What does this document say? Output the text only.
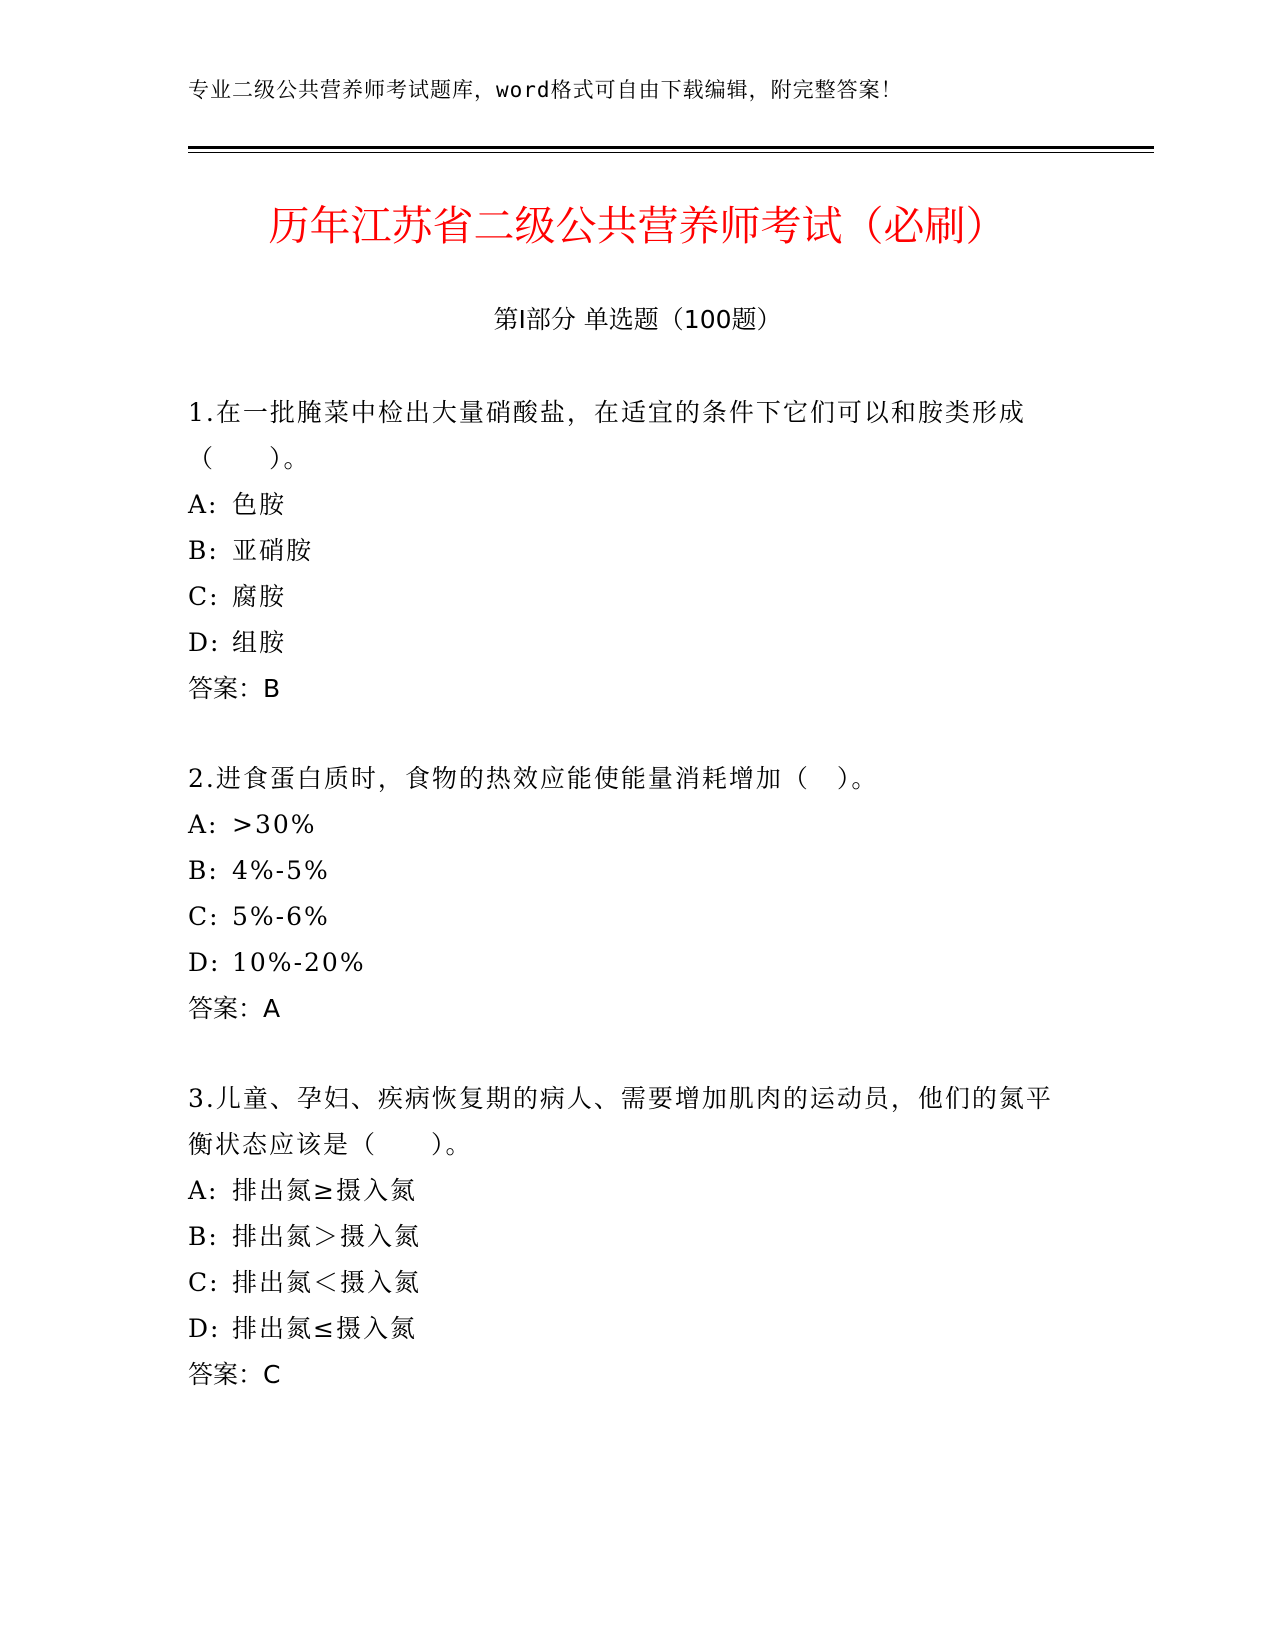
专业二级公共营养师考试题库，word格式可自由下载编辑，附完整答案！
历年江苏省二级公共营养师考试（必刷）
第Ⅰ部分 单选题（100题）

1.在一批腌菜中检出大量硝酸盐，在适宜的条件下它们可以和胺类形成（　　）。

A: 色胺

B: 亚硝胺

C: 腐胺

D: 组胺

答案：B

2.进食蛋白质时，食物的热效应能使能量消耗增加（　）。

A: >30%

B: 4%-5%

C: 5%-6%

D: 10%-20%

答案：A

3.儿童、孕妇、疾病恢复期的病人、需要增加肌肉的运动员，他们的氮平衡状态应该是（　　）。

A: 排出氮≥摄入氮

B: 排出氮＞摄入氮

C: 排出氮＜摄入氮

D: 排出氮≤摄入氮

答案：C
